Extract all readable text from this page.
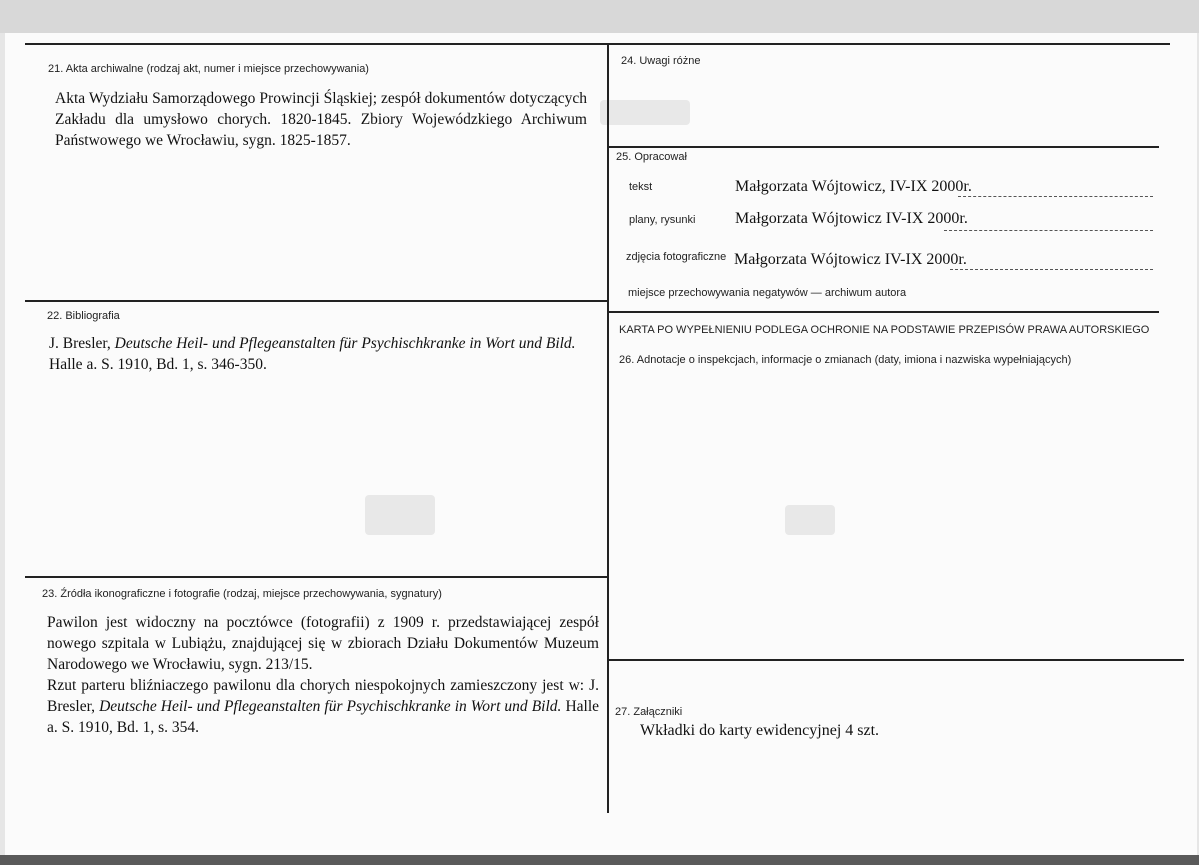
21. Akta archiwalne (rodzaj akt, numer i miejsce przechowywania)
Akta Wydziału Samorządowego Prowincji Śląskiej; zespół dokumentów dotyczących Zakładu dla umysłowo chorych. 1820-1845. Zbiory Wojewódzkiego Archiwum Państwowego we Wrocławiu, sygn. 1825-1857.
22. Bibliografia
J. Bresler, Deutsche Heil- und Pflegeanstalten für Psychischkranke in Wort und Bild.
Halle a. S. 1910, Bd. 1, s. 346-350.
23. Źródła ikonograficzne i fotografie (rodzaj, miejsce przechowywania, sygnatury)

Pawilon jest widoczny na pocztówce (fotografii) z 1909 r. przedstawiającej zespół nowego szpitala w Lubiążu, znajdującej się w zbiorach Działu Dokumentów Muzeum Narodowego we Wrocławiu, sygn. 213/15.

Rzut parteru bliźniaczego pawilonu dla chorych niespokojnych zamieszczony jest w: J. Bresler, Deutsche Heil- und Pflegeanstalten für Psychischkranke in Wort und Bild. Halle a. S. 1910, Bd. 1, s. 354.

24. Uwagi różne
25. Opracował
tekst	Małgorzata Wójtowicz, IV-IX 2000r.
plany, rysunki Małgorzata Wójtowicz IV-IX 2000r.
zdjęcia fotograficzne Małgorzata Wójtowicz IV-IX 2000r.
miejsce przechowywania negatywów — archiwum autora
KARTA PO WYPEŁNIENIU PODLEGA OCHRONIE NA PODSTAWIE PRZEPISÓW PRAWA AUTORSKIEGO
26. Adnotacje o inspekcjach, informacje o zmianach (daty, imiona i nazwiska wypełniających)
27. Załączniki
Wkładki do karty ewidencyjnej 4 szt.
